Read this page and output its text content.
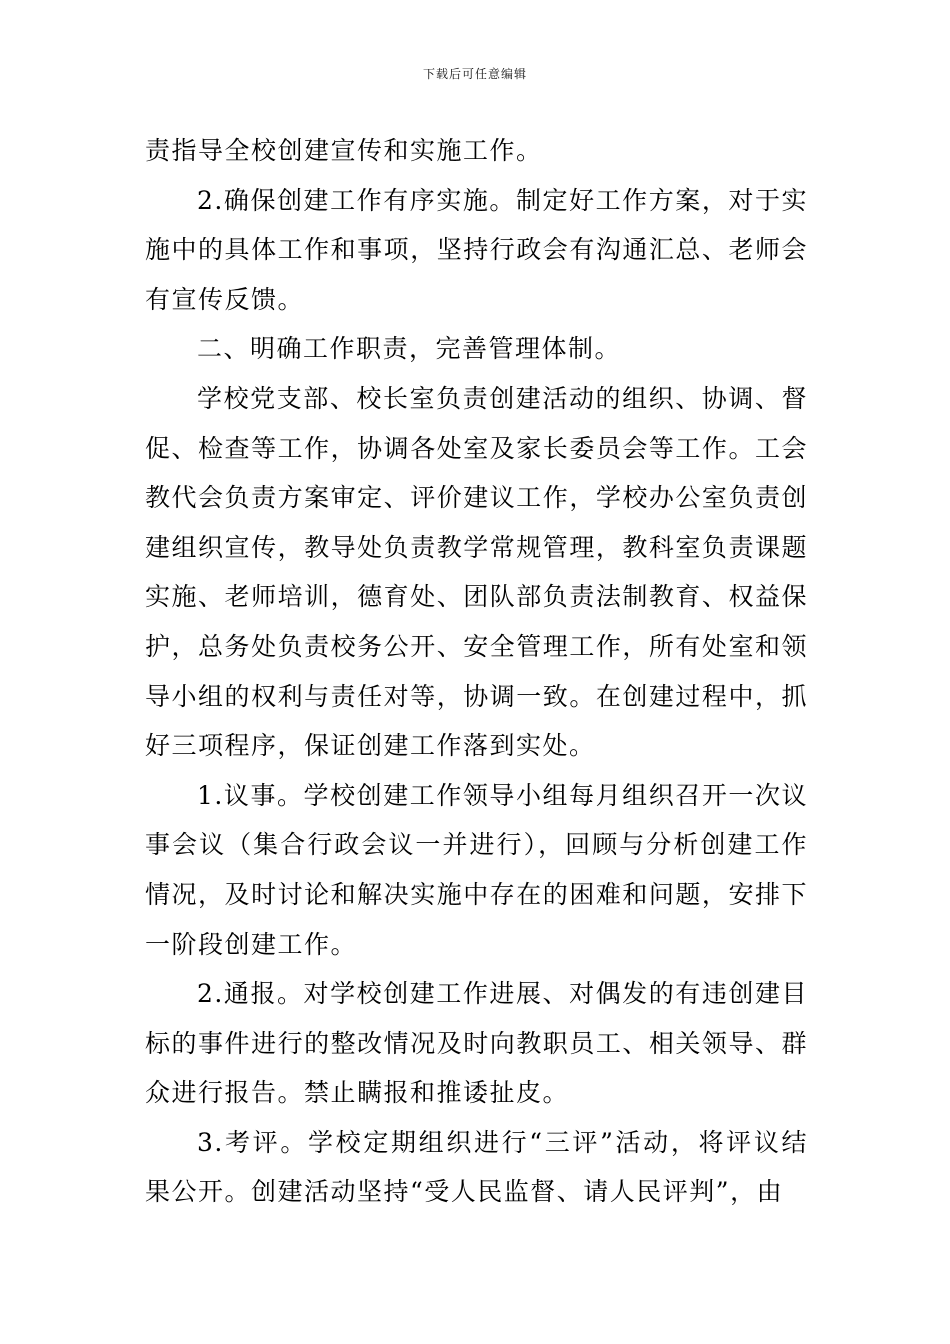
下载后可任意编辑

责指导全校创建宣传和实施工作。

2.确保创建工作有序实施。制定好工作方案，对于实施中的具体工作和事项，坚持行政会有沟通汇总、老师会有宣传反馈。

二、明确工作职责，完善管理体制。

学校党支部、校长室负责创建活动的组织、协调、督促、检查等工作，协调各处室及家长委员会等工作。工会教代会负责方案审定、评价建议工作，学校办公室负责创建组织宣传，教导处负责教学常规管理，教科室负责课题实施、老师培训，德育处、团队部负责法制教育、权益保护，总务处负责校务公开、安全管理工作，所有处室和领导小组的权利与责任对等，协调一致。在创建过程中，抓好三项程序，保证创建工作落到实处。

1.议事。学校创建工作领导小组每月组织召开一次议事会议（集合行政会议一并进行），回顾与分析创建工作情况，及时讨论和解决实施中存在的困难和问题，安排下一阶段创建工作。

2.通报。对学校创建工作进展、对偶发的有违创建目标的事件进行的整改情况及时向教职员工、相关领导、群众进行报告。禁止瞒报和推诿扯皮。

3.考评。学校定期组织进行“三评”活动，将评议结果公开。创建活动坚持“受人民监督、请人民评判”，由
